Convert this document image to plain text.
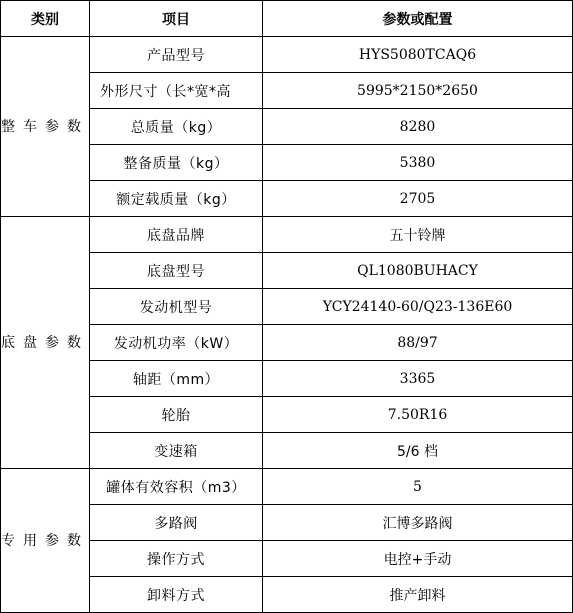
类别	项目	参数或配置
整车参数	产品型号	HYS5080TCAQ6
	外形尺寸（长*宽*高	5995*2150*2650
	总质量（kg）	8280
	整备质量（kg）	5380
	额定载质量（kg）	2705
底盘参数	底盘品牌	五十铃牌
	底盘型号	QL1080BUHACY
	发动机型号	YCY24140-60/Q23-136E60
	发动机功率（kW）	88/97
	轴距（mm）	3365
	轮胎	7.50R16
	变速箱	5/6 档
专用参数	罐体有效容积（m3）	5
	多路阀	汇博多路阀
	操作方式	电控+手动
	卸料方式	推产卸料
